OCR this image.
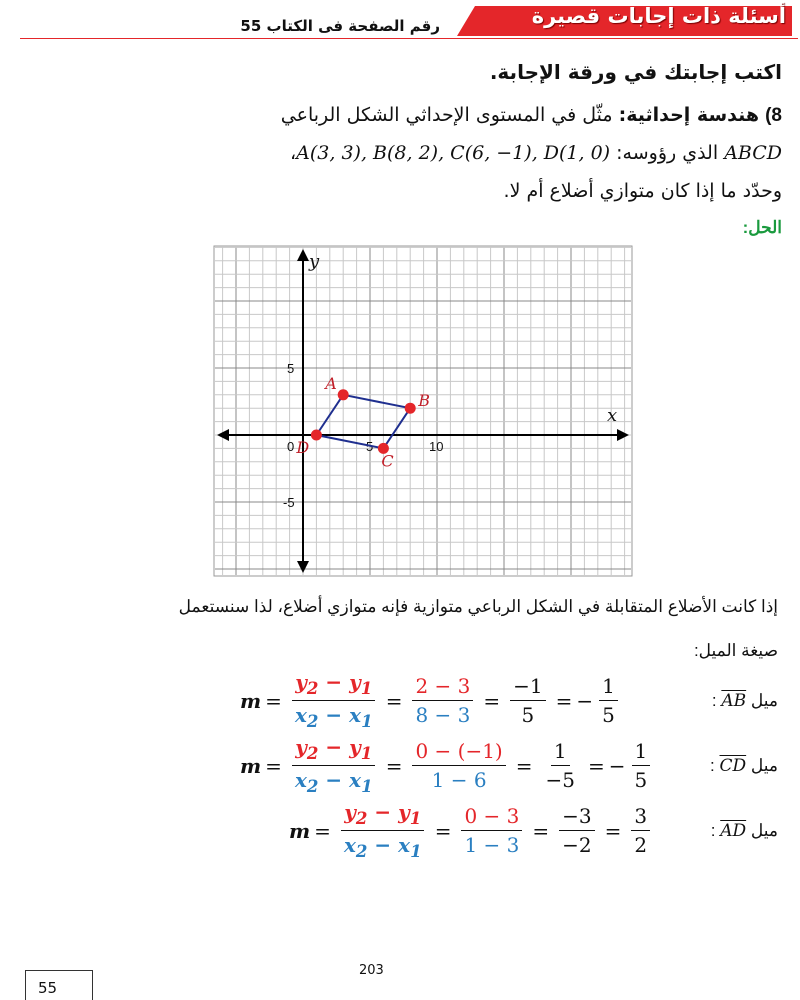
أسئلة ذات إجابات قصيرة
رقم الصفحة فى الكتاب 55
اكتب إجابتك في ورقة الإجابة.
8) هندسة إحداثية: مثّل في المستوى الإحداثي الشكل الرباعي
ABCD الذي رؤوسه: A(3, 3), B(8, 2), C(6, −1), D(1, 0)،
وحدّد ما إذا كان متوازي أضلاع أم لا.
الحل:
x
y
0	5	10
5
-5
A
B
C
D
إذا كانت الأضلاع المتقابلة في الشكل الرباعي متوازية فإنه متوازي أضلاع، لذا سنستعمل
صيغة الميل:
ميل $\overline{AB}$ :
$m = \frac{y_2 - y_1}{x_2 - x_1} = \frac{2 - 3}{8 - 3} = \frac{-1}{5}$ = − $\frac{1}{5}$
ميل $\overline{CD}$ :
$m = \frac{y_2 - y_1}{x_2 - x_1} = \frac{0 - (-1)}{1 - 6} = \frac{1}{-5}$ = − $\frac{1}{5}$
ميل $\overline{AD}$ :
$m = \frac{y_2 - y_1}{x_2 - x_1} = \frac{0 - 3}{1 - 3} = \frac{-3}{-2} = \frac{3}{2}$
203
55
